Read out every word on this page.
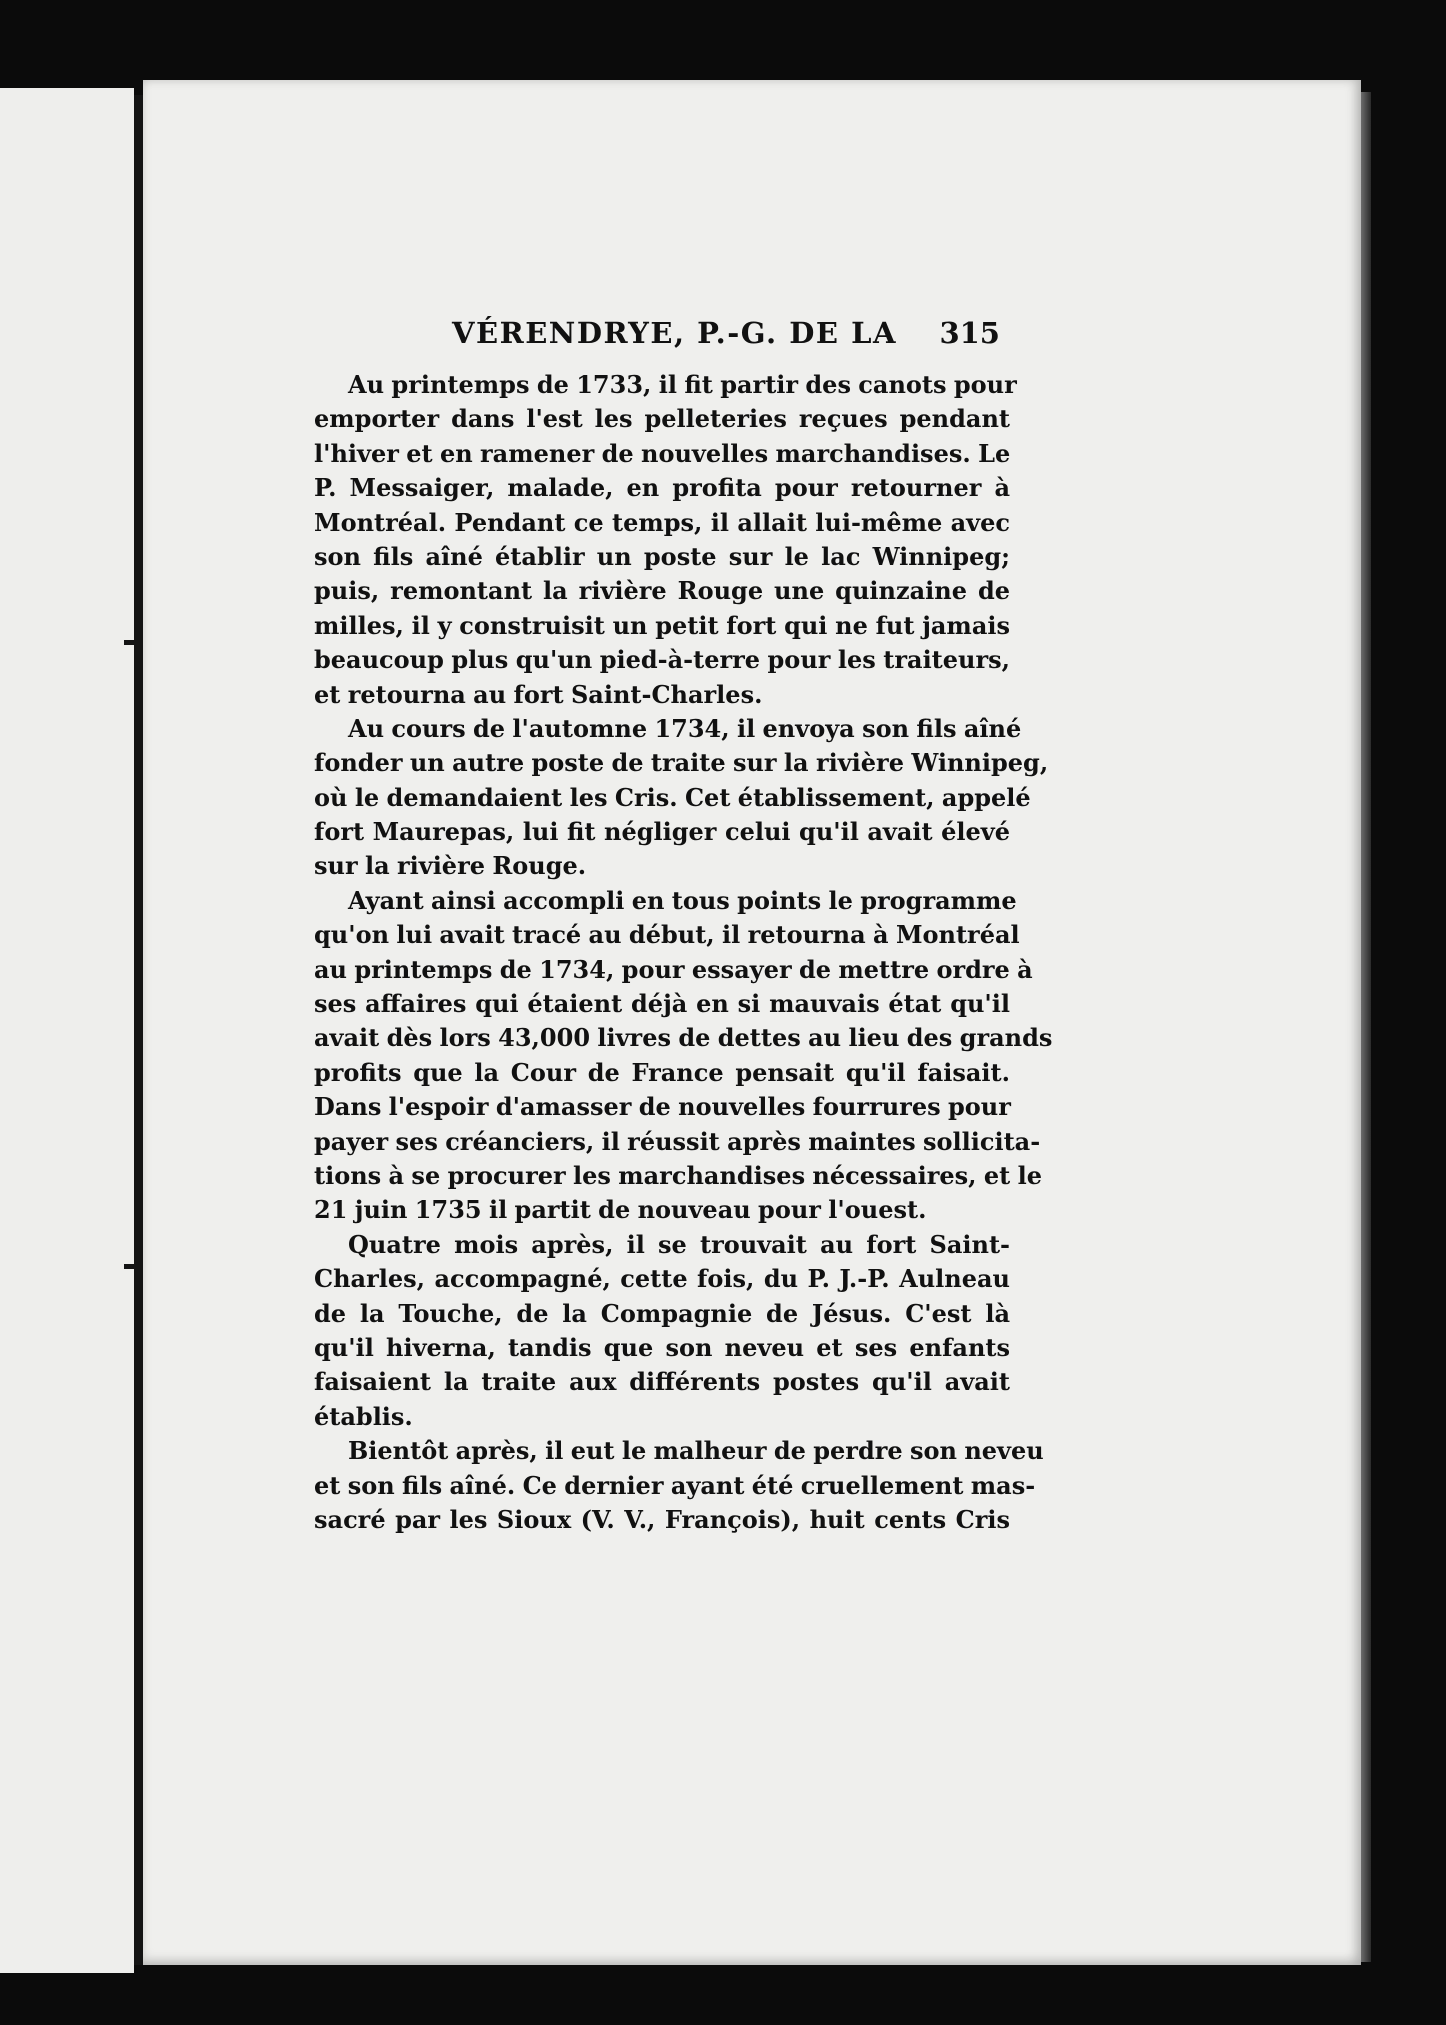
VÉRENDRYE, P.-G. DE LA 315
Au printemps de 1733, il fit partir des canots pour
emporter dans l'est les pelleteries reçues pendant
l'hiver et en ramener de nouvelles marchandises. Le
P. Messaiger, malade, en profita pour retourner à
Montréal. Pendant ce temps, il allait lui-même avec
son fils aîné établir un poste sur le lac Winnipeg;
puis, remontant la rivière Rouge une quinzaine de
milles, il y construisit un petit fort qui ne fut jamais
beaucoup plus qu'un pied-à-terre pour les traiteurs,
et retourna au fort Saint-Charles.
Au cours de l'automne 1734, il envoya son fils aîné
fonder un autre poste de traite sur la rivière Winnipeg,
où le demandaient les Cris. Cet établissement, appelé
fort Maurepas, lui fit négliger celui qu'il avait élevé
sur la rivière Rouge.
Ayant ainsi accompli en tous points le programme
qu'on lui avait tracé au début, il retourna à Montréal
au printemps de 1734, pour essayer de mettre ordre à
ses affaires qui étaient déjà en si mauvais état qu'il
avait dès lors 43,000 livres de dettes au lieu des grands
profits que la Cour de France pensait qu'il faisait.
Dans l'espoir d'amasser de nouvelles fourrures pour
payer ses créanciers, il réussit après maintes sollicita-
tions à se procurer les marchandises nécessaires, et le
21 juin 1735 il partit de nouveau pour l'ouest.
Quatre mois après, il se trouvait au fort Saint-
Charles, accompagné, cette fois, du P. J.-P. Aulneau
de la Touche, de la Compagnie de Jésus. C'est là
qu'il hiverna, tandis que son neveu et ses enfants
faisaient la traite aux différents postes qu'il avait
établis.
Bientôt après, il eut le malheur de perdre son neveu
et son fils aîné. Ce dernier ayant été cruellement mas-
sacré par les Sioux (V. V., François), huit cents Cris
